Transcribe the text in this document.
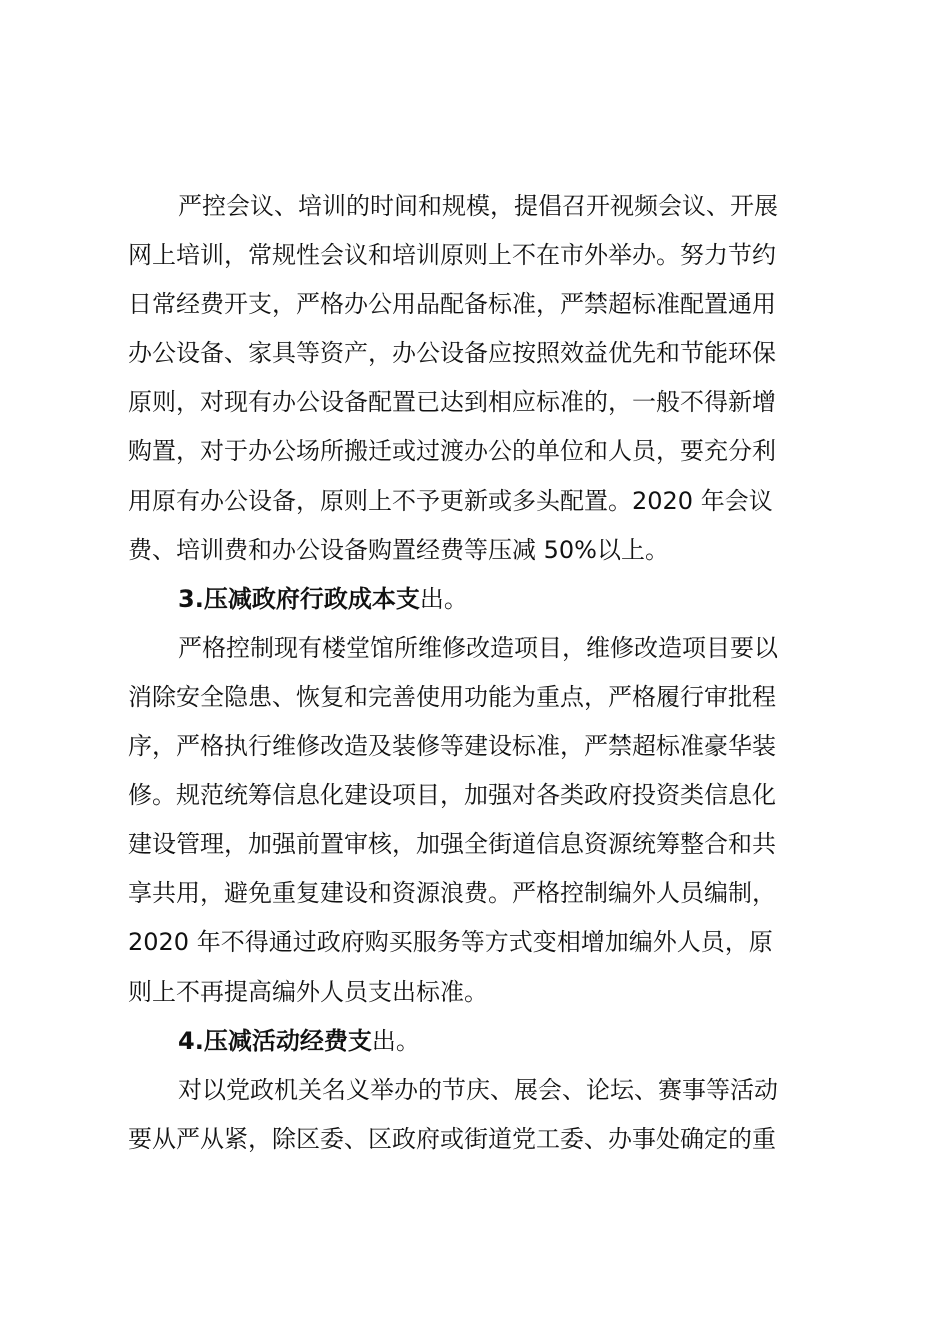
严控会议、培训的时间和规模，提倡召开视频会议、开展
网上培训，常规性会议和培训原则上不在市外举办。努力节约
日常经费开支，严格办公用品配备标准，严禁超标准配置通用
办公设备、家具等资产，办公设备应按照效益优先和节能环保
原则，对现有办公设备配置已达到相应标准的，一般不得新增
购置，对于办公场所搬迁或过渡办公的单位和人员，要充分利
用原有办公设备，原则上不予更新或多头配置。2020 年会议
费、培训费和办公设备购置经费等压减 50%以上。
3.压减政府行政成本支出。
严格控制现有楼堂馆所维修改造项目，维修改造项目要以
消除安全隐患、恢复和完善使用功能为重点，严格履行审批程
序，严格执行维修改造及装修等建设标准，严禁超标准豪华装
修。规范统筹信息化建设项目，加强对各类政府投资类信息化
建设管理，加强前置审核，加强全街道信息资源统筹整合和共
享共用，避免重复建设和资源浪费。严格控制编外人员编制，
2020 年不得通过政府购买服务等方式变相增加编外人员，原
则上不再提高编外人员支出标准。
4.压减活动经费支出。
对以党政机关名义举办的节庆、展会、论坛、赛事等活动
要从严从紧，除区委、区政府或街道党工委、办事处确定的重
